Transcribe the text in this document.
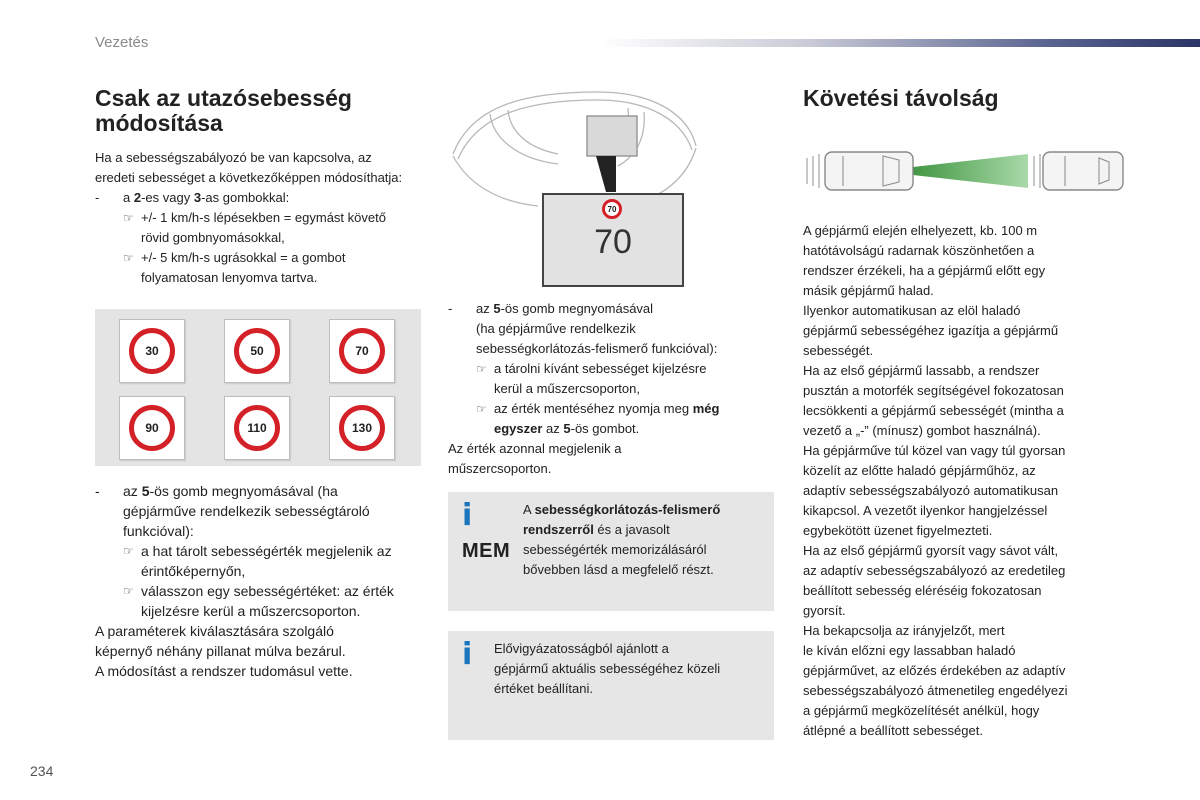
Vezetés
Csak az utazósebesség
módosítása

Ha a sebességszabályozó be van kapcsolva, az

eredeti sebességet a következőképpen módosíthatja:

- a 2-es vagy 3-as gombokkal:

☞ +/- 1 km/h-s lépésekben = egymást követő
rövid gombnyomásokkal,

☞ +/- 5 km/h-s ugrásokkal = a gombot
folyamatosan lenyomva tartva.

30	50	70
90	110	130

- az 5-ös gomb megnyomásával (ha
gépjárműve rendelkezik sebességtároló
funkcióval):

☞ a hat tárolt sebességérték megjelenik az
érintőképernyőn,

☞ válasszon egy sebességértéket: az érték
kijelzésre kerül a műszercsoporton.

A paraméterek kiválasztására szolgáló

képernyő néhány pillanat múlva bezárul.

A módosítást a rendszer tudomásul vette.

70
70

- az 5-ös gomb megnyomásával
(ha gépjárműve rendelkezik
sebességkorlátozás-felismerő funkcióval):

☞ a tárolni kívánt sebességet kijelzésre
kerül a műszercsoporton,

☞ az érték mentéséhez nyomja meg még
egyszer az 5-ös gombot.

Az érték azonnal megjelenik a

műszercsoporton.

i
MEM
A sebességkorlátozás-felismerő
rendszerről és a javasolt
sebességérték memorizálásáról
bővebben lásd a megfelelő részt.
i Elővigyázatosságból ajánlott a
gépjármű aktuális sebességéhez közeli
értéket beállítani.
Követési távolság

A gépjármű elején elhelyezett, kb. 100 m

hatótávolságú radarnak köszönhetően a

rendszer érzékeli, ha a gépjármű előtt egy

másik gépjármű halad.

Ilyenkor automatikusan az elöl haladó

gépjármű sebességéhez igazítja a gépjármű

sebességét.

Ha az első gépjármű lassabb, a rendszer

pusztán a motorfék segítségével fokozatosan

lecsökkenti a gépjármű sebességét (mintha a

vezető a „-” (mínusz) gombot használná).

Ha gépjárműve túl közel van vagy túl gyorsan

közelít az előtte haladó gépjárműhöz, az

adaptív sebességszabályozó automatikusan

kikapcsol. A vezetőt ilyenkor hangjelzéssel

egybekötött üzenet figyelmezteti.

Ha az első gépjármű gyorsít vagy sávot vált,

az adaptív sebességszabályozó az eredetileg

beállított sebesség eléréséig fokozatosan

gyorsít.

Ha bekapcsolja az irányjelzőt, mert

le kíván előzni egy lassabban haladó

gépjárművet, az előzés érdekében az adaptív

sebességszabályozó átmenetileg engedélyezi

a gépjármű megközelítését anélkül, hogy

átlépné a beállított sebességet.

234
